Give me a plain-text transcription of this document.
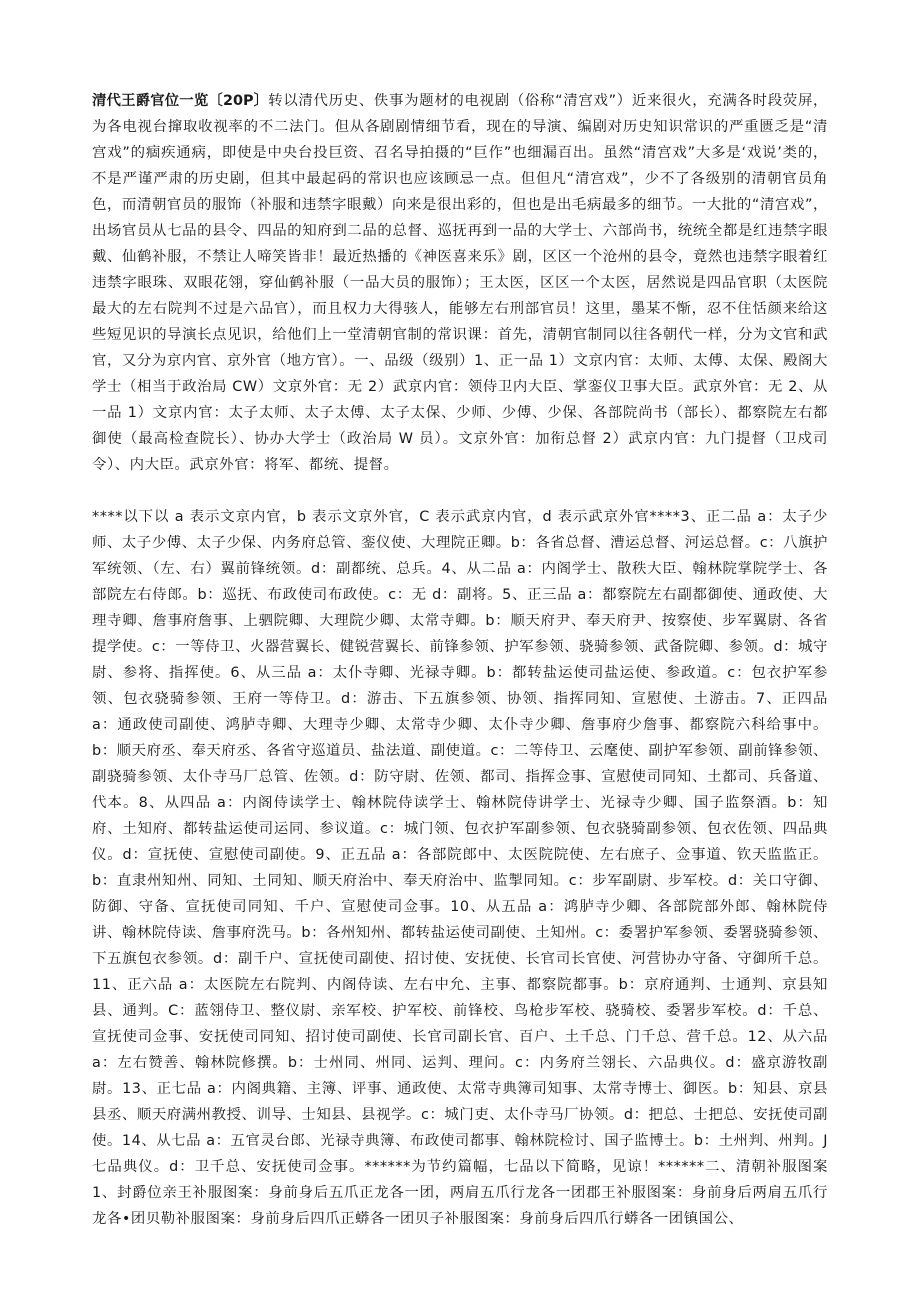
清代王爵官位一览〔20P〕转以清代历史、佚事为题材的电视剧（俗称“清宫戏”）近来很火，充满各时段荧屏，为各电视台撺取收视率的不二法门。但从各剧剧情细节看，现在的导演、编剧对历史知识常识的严重匮乏是“清宫戏”的痼疾通病，即使是中央台投巨资、召名导拍摄的“巨作”也细漏百出。虽然“清宫戏”大多是‘戏说’类的，不是严谨严肃的历史剧，但其中最起码的常识也应该顾忌一点。但但凡“清宫戏”，少不了各级别的清朝官员角色，而清朝官员的服饰（补服和违禁字眼戴）向来是很出彩的，但也是出毛病最多的细节。一大批的“清宫戏”，出场官员从七品的县令、四品的知府到二品的总督、巡抚再到一品的大学士、六部尚书，统统全都是红违禁字眼戴、仙鹤补服，不禁让人啼笑皆非！最近热播的《神医喜来乐》剧，区区一个沧州的县令，竟然也违禁字眼着红违禁字眼珠、双眼花翎，穿仙鹤补服（一品大员的服饰）；王太医，区区一个太医，居然说是四品官职（太医院最大的左右院判不过是六品官），而且权力大得骇人，能够左右刑部官员！这里，墨某不惭，忍不住恬颜来给这些短见识的导演长点见识，给他们上一堂清朝官制的常识课：首先，清朝官制同以往各朝代一样，分为文官和武官，又分为京内官、京外官（地方官）。一、品级（级别）1、正一品 1）文京内官：太师、太傅、太保、殿阁大学士（相当于政治局 CW）文京外官：无 2）武京内官：领侍卫内大臣、掌銮仪卫事大臣。武京外官：无 2、从一品 1）文京内官：太子太师、太子太傅、太子太保、少师、少傅、少保、各部院尚书（部长）、都察院左右都御使（最高检查院长）、协办大学士（政治局 W 员）。文京外官：加衔总督 2）武京内官：九门提督（卫戍司令）、内大臣。武京外官：将军、都统、提督。

****以下以 a 表示文京内官，b 表示文京外官，C 表示武京内官，d 表示武京外官****3、正二品 a：太子少师、太子少傅、太子少保、内务府总管、銮仪使、大理院正卿。b：各省总督、漕运总督、河运总督。c：八旗护军统领、（左、右）翼前锋统领。d：副都统、总兵。4、从二品 a：内阁学士、散秩大臣、翰林院掌院学士、各部院左右侍郎。b：巡抚、布政使司布政使。c：无 d：副将。5、正三品 a：都察院左右副都御使、通政使、大理寺卿、詹事府詹事、上驷院卿、大理院少卿、太常寺卿。b：顺天府尹、奉天府尹、按察使、步军翼尉、各省提学使。c：一等侍卫、火器营翼长、健锐营翼长、前锋参领、护军参领、骁骑参领、武备院卿、参领。d：城守尉、参将、指挥使。6、从三品 a：太仆寺卿、光禄寺卿。b：都转盐运使司盐运使、参政道。c：包衣护军参领、包衣骁骑参领、王府一等侍卫。d：游击、下五旗参领、协领、指挥同知、宣慰使、土游击。7、正四品 a：通政使司副使、鸿胪寺卿、大理寺少卿、太常寺少卿、太仆寺少卿、詹事府少詹事、都察院六科给事中。b：顺天府丞、奉天府丞、各省守巡道员、盐法道、副使道。c：二等侍卫、云麾使、副护军参领、副前锋参领、副骁骑参领、太仆寺马厂总管、佐领。d：防守尉、佐领、都司、指挥佥事、宣慰使司同知、土都司、兵备道、代本。8、从四品 a：内阁侍读学士、翰林院侍读学士、翰林院侍讲学士、光禄寺少卿、国子监祭酒。b：知府、土知府、都转盐运使司运同、参议道。c：城门领、包衣护军副参领、包衣骁骑副参领、包衣佐领、四品典仪。d：宣抚使、宣慰使司副使。9、正五品 a：各部院郎中、太医院院使、左右庶子、佥事道、钦天监监正。b：直隶州知州、同知、土同知、顺天府治中、奉天府治中、监掣同知。c：步军副尉、步军校。d：关口守御、防御、守备、宣抚使司同知、千户、宣慰使司佥事。10、从五品 a：鸿胪寺少卿、各部院部外郎、翰林院侍讲、翰林院侍读、詹事府洗马。b：各州知州、都转盐运使司副使、土知州。c：委署护军参领、委署骁骑参领、下五旗包衣参领。d：副千户、宣抚使司副使、招讨使、安抚使、长官司长官使、河营协办守备、守御所千总。11、正六品 a：太医院左右院判、内阁侍读、左右中允、主事、都察院都事。b：京府通判、士通判、京县知县、通判。C：蓝翎侍卫、整仪尉、亲军校、护军校、前锋校、鸟枪步军校、骁骑校、委署步军校。d：千总、宣抚使司佥事、安抚使司同知、招讨使司副使、长官司副长官、百户、土千总、门千总、营千总。12、从六品 a：左右赞善、翰林院修撰。b：士州同、州同、运判、理问。c：内务府兰翎长、六品典仪。d：盛京游牧副尉。13、正七品 a：内阁典籍、主簿、评事、通政使、太常寺典簿司知事、太常寺博士、御医。b：知县、京县县丞、顺天府满州教授、训导、士知县、县视学。c：城门吏、太仆寺马厂协领。d：把总、士把总、安抚使司副使。14、从七品 a：五官灵台郎、光禄寺典簿、布政使司都事、翰林院检讨、国子监博士。b：土州判、州判。J 七品典仪。d：卫千总、安抚使司佥事。******为节约篇幅，七品以下简略，见谅！******二、清朝补服图案 1、封爵位亲王补服图案：身前身后五爪正龙各一团，两肩五爪行龙各一团郡王补服图案：身前身后两肩五爪行龙各•团贝勒补服图案：身前身后四爪正蟒各一团贝子补服图案：身前身后四爪行蟒各一团镇国公、
